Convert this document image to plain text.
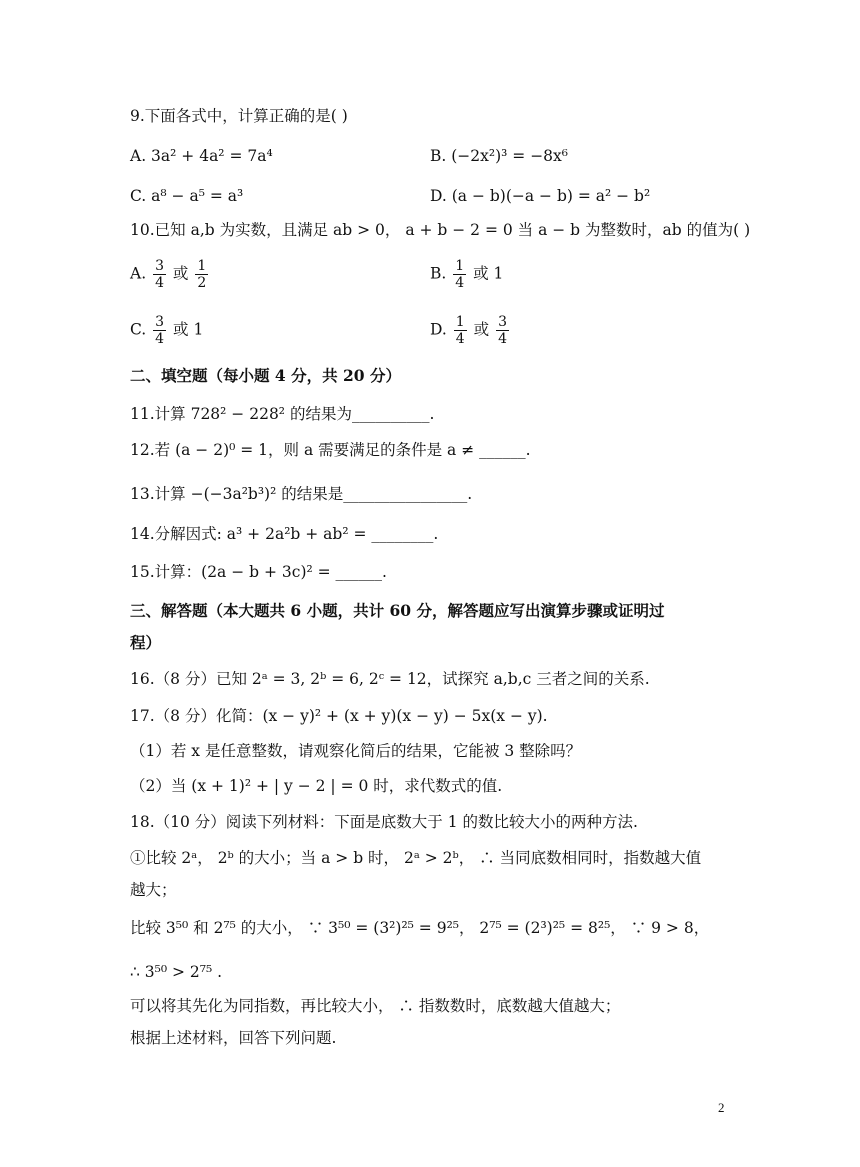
9.下面各式中，计算正确的是( )
A. 3a² + 4a² = 7a⁴	B. (−2x²)³ = −8x⁶
C. a⁸ − a⁵ = a³	D. (a − b)(−a − b) = a² − b²
10.已知 a,b 为实数，且满足 ab > 0， a + b − 2 = 0 当 a − b 为整数时，ab 的值为( )
A. $\frac{3}{4}$ 或 $\frac{1}{2}$	B. $\frac{1}{4}$ 或 1
C. $\frac{3}{4}$ 或 1	D. $\frac{1}{4}$ 或 $\frac{3}{4}$
二、填空题（每小题 4 分，共 20 分）
11.计算 728² − 228² 的结果为__________.
12.若 (a − 2)⁰ = 1，则 a 需要满足的条件是 a ≠ ______.
13.计算 −(−3a²b³)² 的结果是________________.
14.分解因式: a³ + 2a²b + ab² = ________.
15.计算：(2a − b + 3c)² = ______.
三、解答题（本大题共 6 小题，共计 60 分，解答题应写出演算步骤或证明过
程）
16.（8 分）已知 2ᵃ = 3, 2ᵇ = 6, 2ᶜ = 12，试探究 a,b,c 三者之间的关系.
17.（8 分）化简：(x − y)² + (x + y)(x − y) − 5x(x − y).
（1）若 x 是任意整数，请观察化简后的结果，它能被 3 整除吗？
（2）当 (x + 1)² + | y − 2 | = 0 时，求代数式的值.
18.（10 分）阅读下列材料：下面是底数大于 1 的数比较大小的两种方法.
①比较 2ᵃ， 2ᵇ 的大小；当 a > b 时， 2ᵃ > 2ᵇ， ∴ 当同底数相同时，指数越大值
越大；
比较 3⁵⁰ 和 2⁷⁵ 的大小， ∵ 3⁵⁰ = (3²)²⁵ = 9²⁵， 2⁷⁵ = (2³)²⁵ = 8²⁵， ∵ 9 > 8，
∴ 3⁵⁰ > 2⁷⁵ .
可以将其先化为同指数，再比较大小， ∴ 指数数时，底数越大值越大；
根据上述材料，回答下列问题.
2
